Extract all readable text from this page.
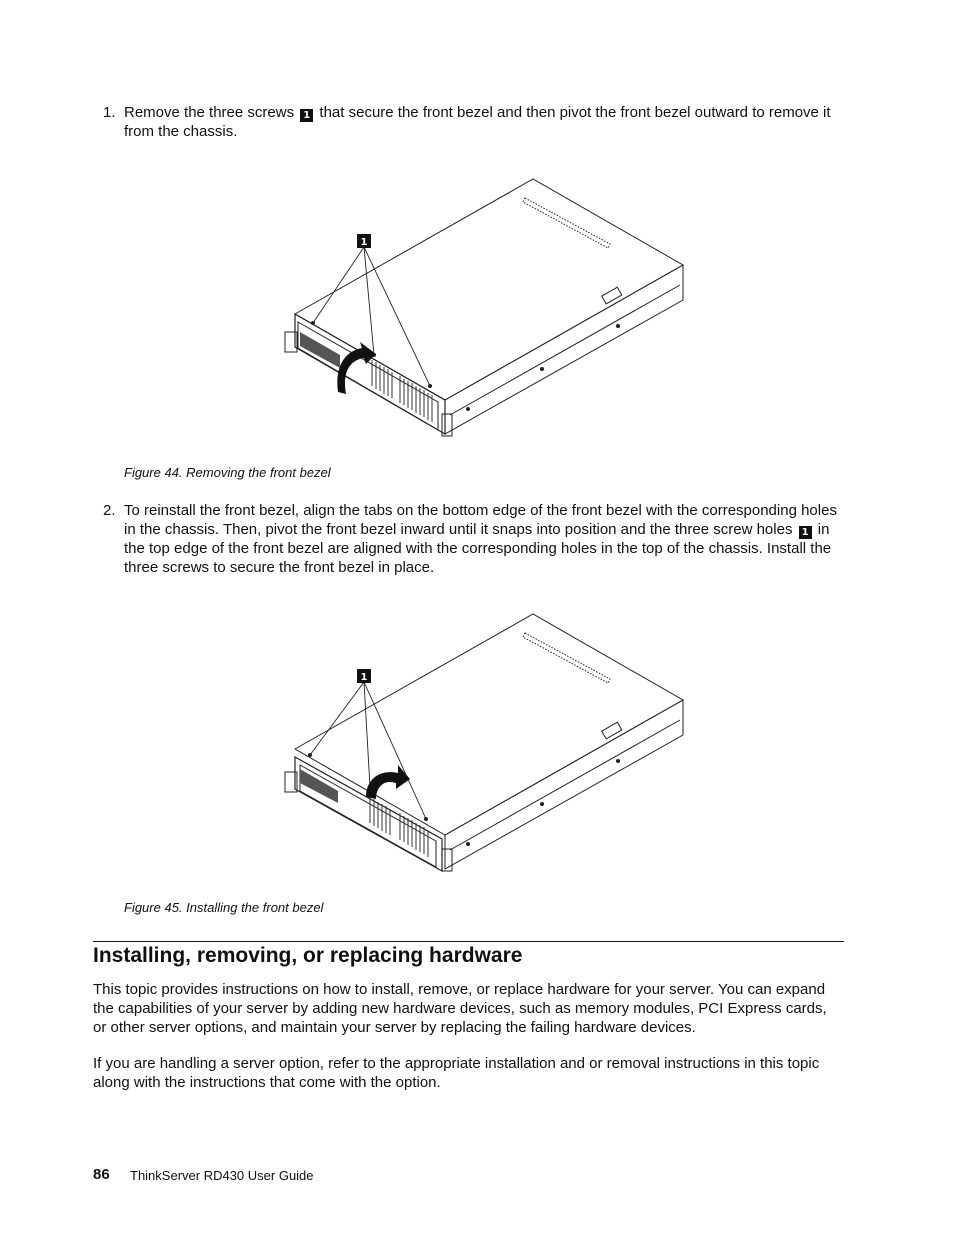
1. Remove the three screws 1 that secure the front bezel and then pivot the front bezel outward to remove it from the chassis.
1
Figure 44. Removing the front bezel
2. To reinstall the front bezel, align the tabs on the bottom edge of the front bezel with the corresponding holes in the chassis. Then, pivot the front bezel inward until it snaps into position and the three screw holes 1 in the top edge of the front bezel are aligned with the corresponding holes in the top of the chassis. Install the three screws to secure the front bezel in place.
1
Figure 45. Installing the front bezel
Installing, removing, or replacing hardware

This topic provides instructions on how to install, remove, or replace hardware for your server. You can expand the capabilities of your server by adding new hardware devices, such as memory modules, PCI Express cards, or other server options, and maintain your server by replacing the failing hardware devices.

If you are handling a server option, refer to the appropriate installation and or removal instructions in this topic along with the instructions that come with the option.

86 ThinkServer RD430 User Guide
